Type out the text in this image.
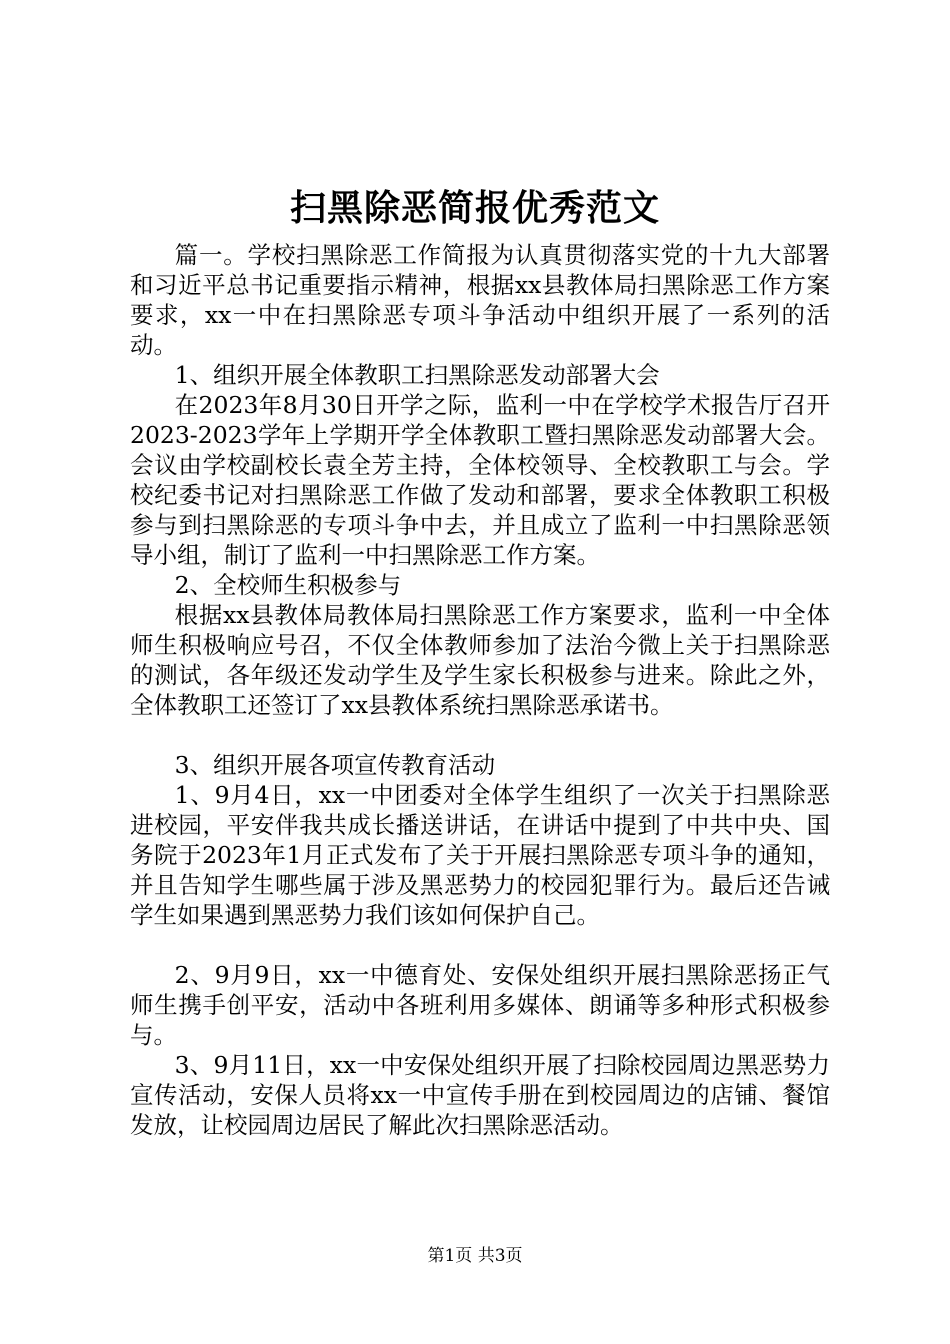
扫黑除恶简报优秀范文

篇一。学校扫黑除恶工作简报为认真贯彻落实党的十九大部署和习近平总书记重要指示精神，根据xx县教体局扫黑除恶工作方案要求，xx一中在扫黑除恶专项斗争活动中组织开展了一系列的活动。

1、组织开展全体教职工扫黑除恶发动部署大会

在2023年8月30日开学之际，监利一中在学校学术报告厅召开2023-2023学年上学期开学全体教职工暨扫黑除恶发动部署大会。会议由学校副校长袁全芳主持，全体校领导、全校教职工与会。学校纪委书记对扫黑除恶工作做了发动和部署，要求全体教职工积极参与到扫黑除恶的专项斗争中去，并且成立了监利一中扫黑除恶领导小组，制订了监利一中扫黑除恶工作方案。

2、全校师生积极参与

根据xx县教体局教体局扫黑除恶工作方案要求，监利一中全体师生积极响应号召，不仅全体教师参加了法治今微上关于扫黑除恶的测试，各年级还发动学生及学生家长积极参与进来。除此之外，全体教职工还签订了xx县教体系统扫黑除恶承诺书。

3、组织开展各项宣传教育活动

1、9月4日，xx一中团委对全体学生组织了一次关于扫黑除恶进校园，平安伴我共成长播送讲话，在讲话中提到了中共中央、国务院于2023年1月正式发布了关于开展扫黑除恶专项斗争的通知，并且告知学生哪些属于涉及黑恶势力的校园犯罪行为。最后还告诫学生如果遇到黑恶势力我们该如何保护自己。

2、9月9日，xx一中德育处、安保处组织开展扫黑除恶扬正气师生携手创平安，活动中各班利用多媒体、朗诵等多种形式积极参与。

3、9月11日，xx一中安保处组织开展了扫除校园周边黑恶势力宣传活动，安保人员将xx一中宣传手册在到校园周边的店铺、餐馆发放，让校园周边居民了解此次扫黑除恶活动。

第1页 共3页
